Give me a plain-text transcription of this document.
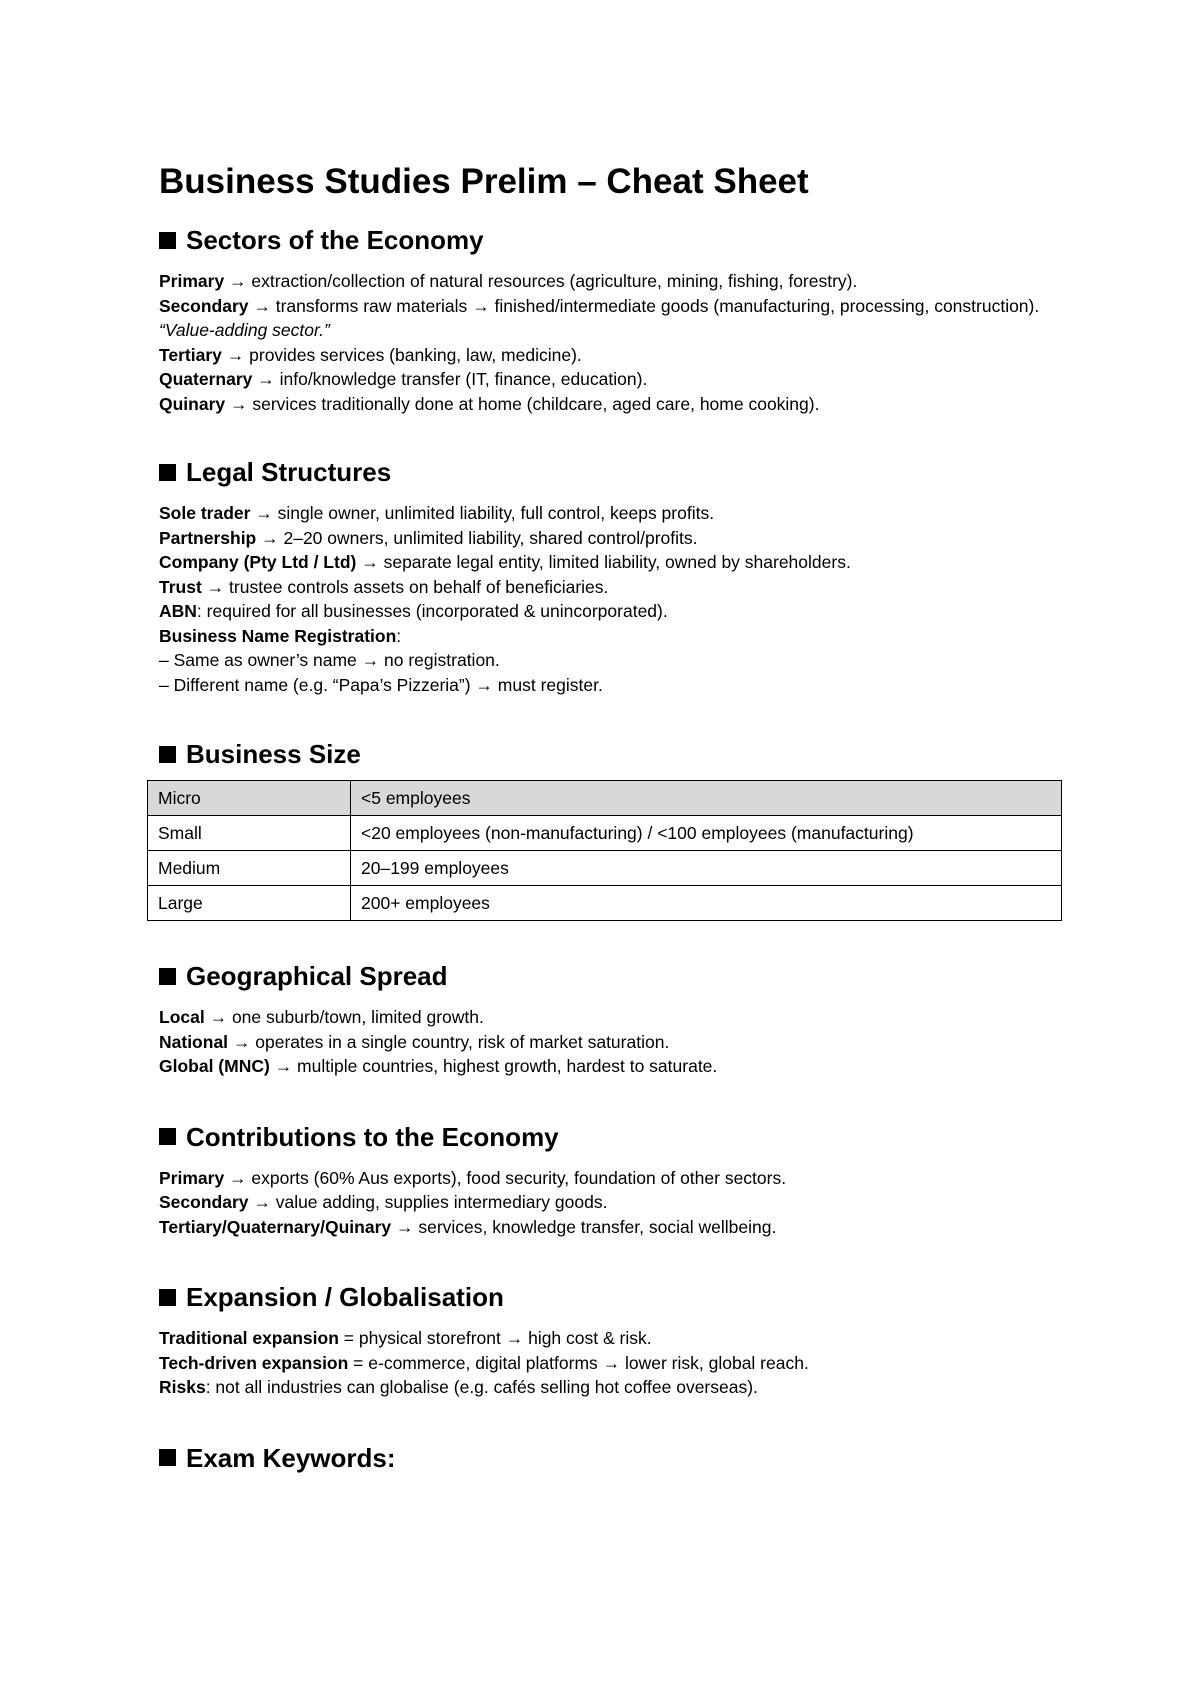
Business Studies Prelim – Cheat Sheet
Sectors of the Economy
Primary → extraction/collection of natural resources (agriculture, mining, fishing, forestry).
Secondary → transforms raw materials → finished/intermediate goods (manufacturing, processing, construction). “Value-adding sector.”
Tertiary → provides services (banking, law, medicine).
Quaternary → info/knowledge transfer (IT, finance, education).
Quinary → services traditionally done at home (childcare, aged care, home cooking).
Legal Structures
Sole trader → single owner, unlimited liability, full control, keeps profits.
Partnership → 2–20 owners, unlimited liability, shared control/profits.
Company (Pty Ltd / Ltd) → separate legal entity, limited liability, owned by shareholders.
Trust → trustee controls assets on behalf of beneficiaries.
ABN: required for all businesses (incorporated & unincorporated).
Business Name Registration:
– Same as owner’s name → no registration.
– Different name (e.g. “Papa’s Pizzeria”) → must register.
Business Size
Micro	<5 employees
Small	<20 employees (non-manufacturing) / <100 employees (manufacturing)
Medium	20–199 employees
Large	200+ employees
Geographical Spread
Local → one suburb/town, limited growth.
National → operates in a single country, risk of market saturation.
Global (MNC) → multiple countries, highest growth, hardest to saturate.
Contributions to the Economy
Primary → exports (60% Aus exports), food security, foundation of other sectors.
Secondary → value adding, supplies intermediary goods.
Tertiary/Quaternary/Quinary → services, knowledge transfer, social wellbeing.
Expansion / Globalisation
Traditional expansion = physical storefront → high cost & risk.
Tech-driven expansion = e-commerce, digital platforms → lower risk, global reach.
Risks: not all industries can globalise (e.g. cafés selling hot coffee overseas).
Exam Keywords:
